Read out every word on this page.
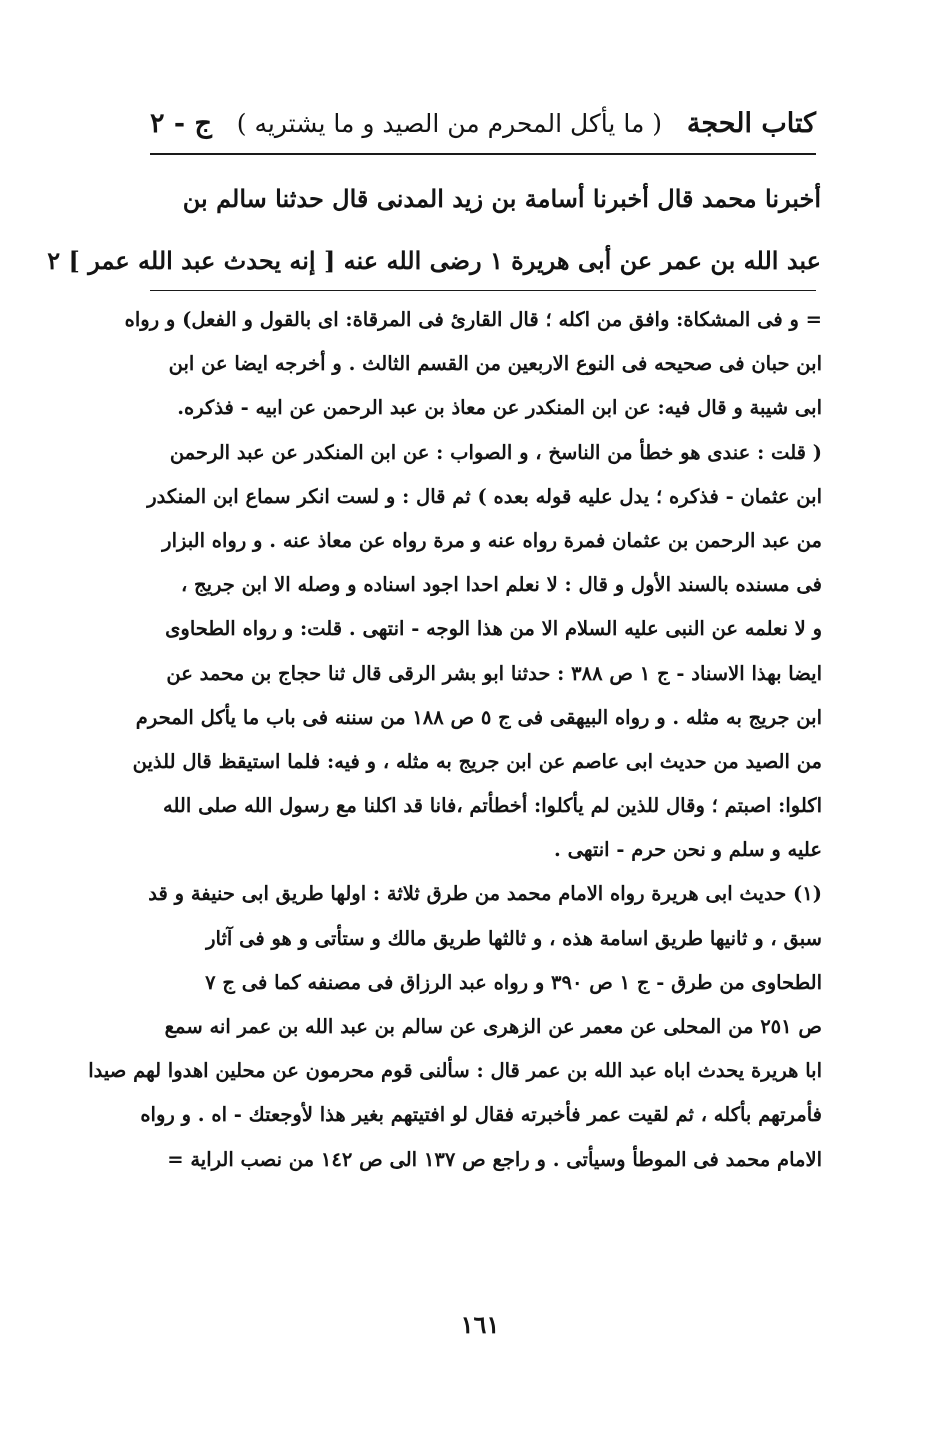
كتاب الحجة
( ما يأكل المحرم من الصيد و ما يشتريه )
ج - ٢
أخبرنا محمد قال أخبرنا أسامة بن زيد المدنى قال حدثنا سالم بن
عبد الله بن عمر عن أبى هريرة ١ رضى الله عنه [ إنه يحدث عبد الله عمر ] ٢
= و فى المشكاة: وافق من اكله ؛ قال القارئ فى المرقاة: اى بالقول و الفعل) و رواه
ابن حبان فى صحيحه فى النوع الاربعين من القسم الثالث . و أخرجه ايضا عن ابن
ابى شيبة و قال فيه: عن ابن المنكدر عن معاذ بن عبد الرحمن عن ابيه - فذكره.
( قلت : عندى هو خطأ من الناسخ ، و الصواب : عن ابن المنكدر عن عبد الرحمن
ابن عثمان - فذكره ؛ يدل عليه قوله بعده ) ثم قال : و لست انكر سماع ابن المنكدر
من عبد الرحمن بن عثمان فمرة رواه عنه و مرة رواه عن معاذ عنه . و رواه البزار
فى مسنده بالسند الأول و قال : لا نعلم احدا اجود اسناده و وصله الا ابن جريج ،
و لا نعلمه عن النبى عليه السلام الا من هذا الوجه - انتهى . قلت: و رواه الطحاوى
ايضا بهذا الاسناد - ج ١ ص ٣٨٨ : حدثنا ابو بشر الرقى قال ثنا حجاج بن محمد عن
ابن جريج به مثله . و رواه البيهقى فى ج ٥ ص ١٨٨ من سننه فى باب ما يأكل المحرم
من الصيد من حديث ابى عاصم عن ابن جريج به مثله ، و فيه: فلما استيقظ قال للذين
اكلوا: اصبتم ؛ وقال للذين لم يأكلوا: أخطأتم ،فانا قد اكلنا مع رسول الله صلى الله
عليه و سلم و نحن حرم - انتهى .
(١) حديث ابى هريرة رواه الامام محمد من طرق ثلاثة : اولها طريق ابى حنيفة و قد
سبق ، و ثانيها طريق اسامة هذه ، و ثالثها طريق مالك و ستأتى و هو فى آثار
الطحاوى من طرق - ج ١ ص ٣٩٠ و رواه عبد الرزاق فى مصنفه كما فى ج ٧
ص ٢٥١ من المحلى عن معمر عن الزهرى عن سالم بن عبد الله بن عمر انه سمع
ابا هريرة يحدث اباه عبد الله بن عمر قال : سألنى قوم محرمون عن محلين اهدوا لهم صيدا
فأمرتهم بأكله ، ثم لقيت عمر فأخبرته فقال لو افتيتهم بغير هذا لأوجعتك - اه . و رواه
الامام محمد فى الموطأ وسيأتى . و راجع ص ١٣٧ الى ص ١٤٢ من نصب الراية =
١٦١
